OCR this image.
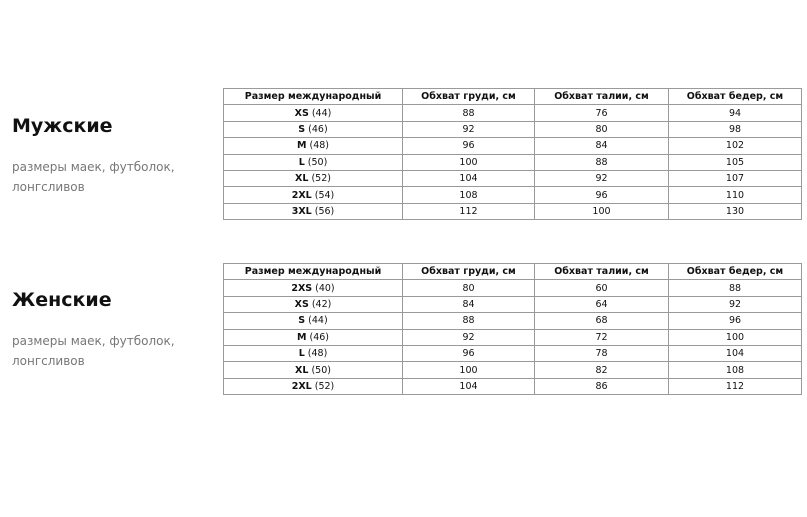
Мужские
размеры маек, футболок, лонгсливов
Размер международный	Обхват груди, см	Обхват талии, см	Обхват бедер, см
XS (44)	88	76	94
S (46)	92	80	98
M (48)	96	84	102
L (50)	100	88	105
XL (52)	104	92	107
2XL (54)	108	96	110
3XL (56)	112	100	130
Женские
размеры маек, футболок, лонгсливов
Размер международный	Обхват груди, см	Обхват талии, см	Обхват бедер, см
2XS (40)	80	60	88
XS (42)	84	64	92
S (44)	88	68	96
M (46)	92	72	100
L (48)	96	78	104
XL (50)	100	82	108
2XL (52)	104	86	112
